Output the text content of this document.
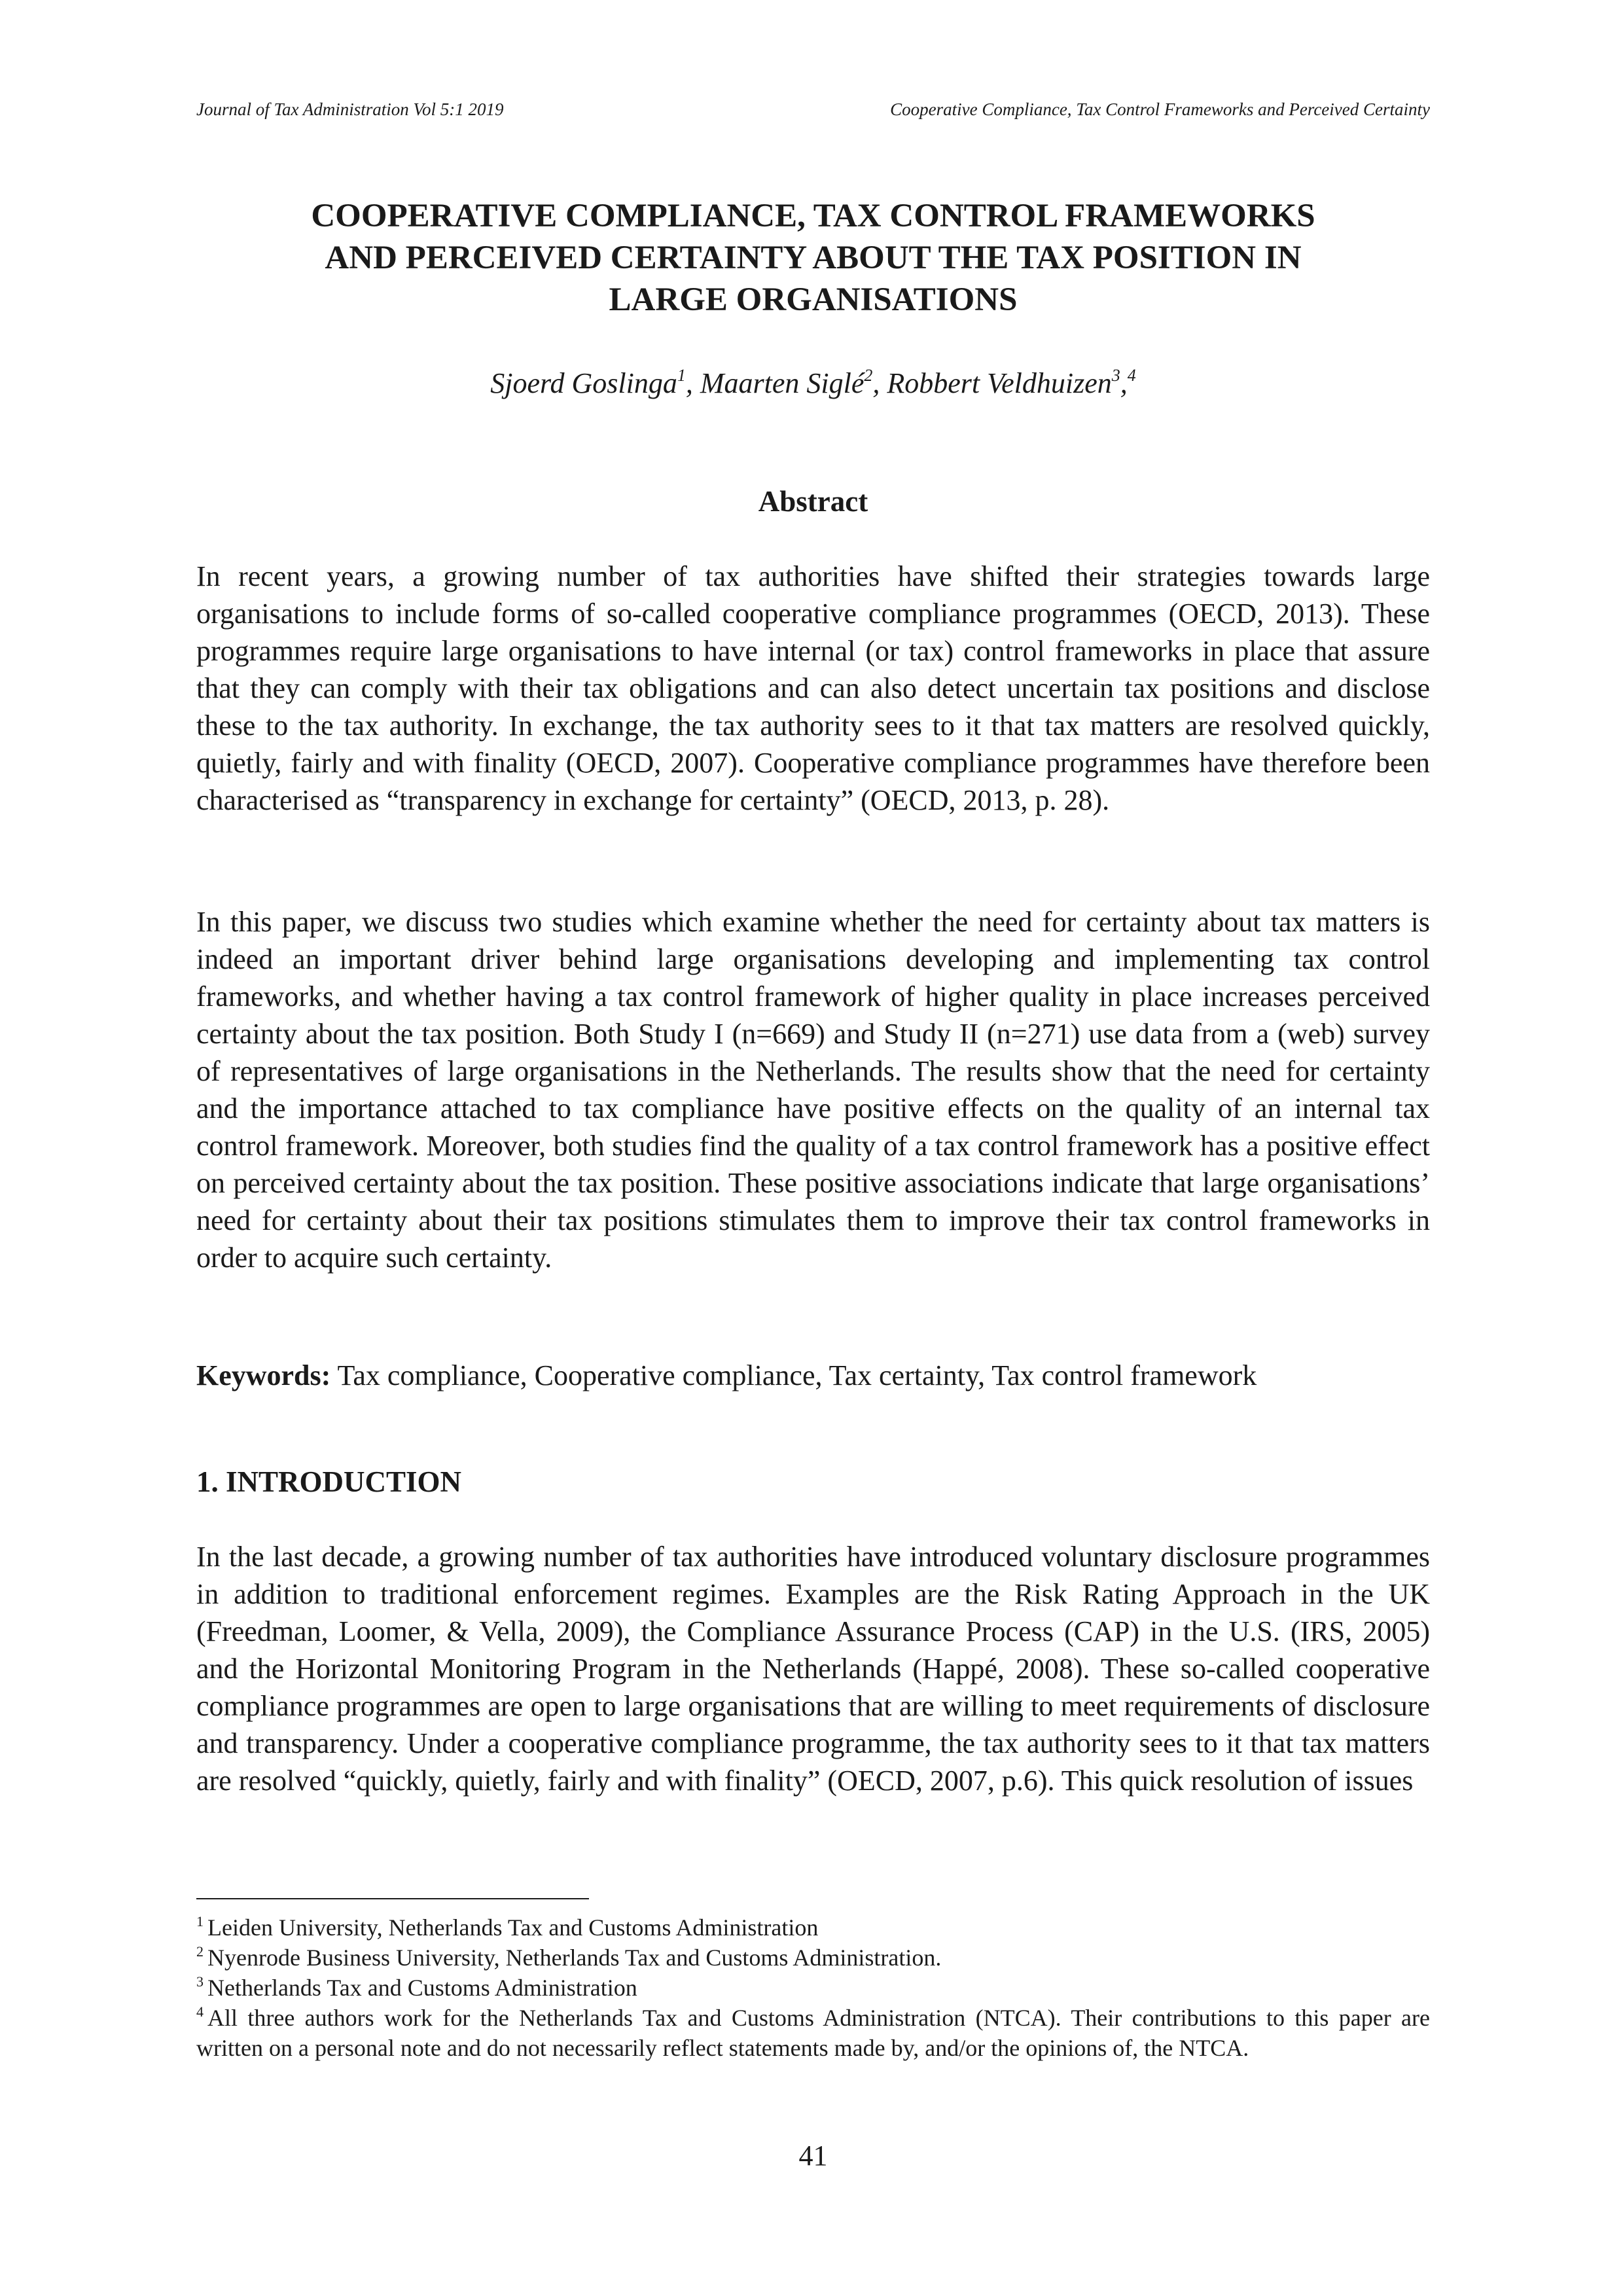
Journal of Tax Administration Vol 5:1 2019	Cooperative Compliance, Tax Control Frameworks and Perceived Certainty
COOPERATIVE COMPLIANCE, TAX CONTROL FRAMEWORKS
AND PERCEIVED CERTAINTY ABOUT THE TAX POSITION IN
LARGE ORGANISATIONS
Sjoerd Goslinga$^1$, Maarten Siglé$^2$, Robbert Veldhuizen$^3$,$^4$
Abstract

In recent years, a growing number of tax authorities have shifted their strategies towards large organisations to include forms of so-called cooperative compliance programmes (OECD, 2013). These programmes require large organisations to have internal (or tax) control frameworks in place that assure that they can comply with their tax obligations and can also detect uncertain tax positions and disclose these to the tax authority. In exchange, the tax authority sees to it that tax matters are resolved quickly, quietly, fairly and with finality (OECD, 2007). Cooperative compliance programmes have therefore been characterised as “transparency in exchange for certainty” (OECD, 2013, p. 28).

In this paper, we discuss two studies which examine whether the need for certainty about tax matters is indeed an important driver behind large organisations developing and implementing tax control frameworks, and whether having a tax control framework of higher quality in place increases perceived certainty about the tax position. Both Study I (n=669) and Study II (n=271) use data from a (web) survey of representatives of large organisations in the Netherlands. The results show that the need for certainty and the importance attached to tax compliance have positive effects on the quality of an internal tax control framework. Moreover, both studies find the quality of a tax control framework has a positive effect on perceived certainty about the tax position. These positive associations indicate that large organisations’ need for certainty about their tax positions stimulates them to improve their tax control frameworks in order to acquire such certainty.

Keywords: Tax compliance, Cooperative compliance, Tax certainty, Tax control framework

1. INTRODUCTION

In the last decade, a growing number of tax authorities have introduced voluntary disclosure programmes in addition to traditional enforcement regimes. Examples are the Risk Rating Approach in the UK (Freedman, Loomer, & Vella, 2009), the Compliance Assurance Process (CAP) in the U.S. (IRS, 2005) and the Horizontal Monitoring Program in the Netherlands (Happé, 2008). These so-called cooperative compliance programmes are open to large organisations that are willing to meet requirements of disclosure and transparency. Under a cooperative compliance programme, the tax authority sees to it that tax matters are resolved “quickly, quietly, fairly and with finality” (OECD, 2007, p.6). This quick resolution of issues

$^1$ Leiden University, Netherlands Tax and Customs Administration

$^2$ Nyenrode Business University, Netherlands Tax and Customs Administration.

$^3$ Netherlands Tax and Customs Administration

$^4$ All three authors work for the Netherlands Tax and Customs Administration (NTCA). Their contributions to this paper are written on a personal note and do not necessarily reflect statements made by, and/or the opinions of, the NTCA.

41
